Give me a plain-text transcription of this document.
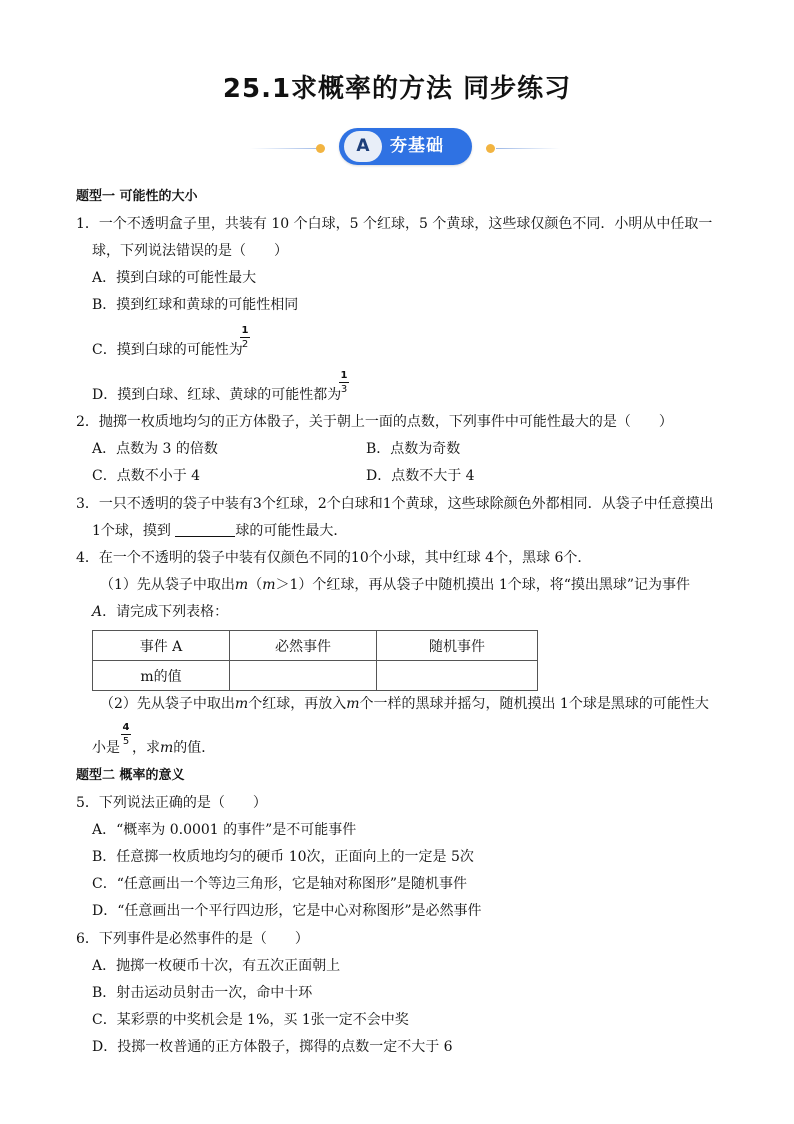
25.1求概率的方法 同步练习
A	夯基础
题型一 可能性的大小
1．一个不透明盒子里，共装有 10 个白球，5 个红球，5 个黄球，这些球仅颜色不同．小明从中任取一
球，下列说法错误的是（　　）
A．摸到白球的可能性最大
B．摸到红球和黄球的可能性相同
C．摸到白球的可能性为
1
2
D．摸到白球、红球、黄球的可能性都为
1
3
2．抛掷一枚质地均匀的正方体骰子，关于朝上一面的点数，下列事件中可能性最大的是（　　）
A．点数为 3 的倍数	B．点数为奇数
C．点数不小于 4	D．点数不大于 4
3．一只不透明的袋子中装有3个红球，2个白球和1个黄球，这些球除颜色外都相同．从袋子中任意摸出
1个球，摸到	球的可能性最大．
4．在一个不透明的袋子中装有仅颜色不同的10个小球，其中红球 4个，黑球 6个．
（1）先从袋子中取出m（m＞1）个红球，再从袋子中随机摸出 1个球，将“摸出黑球”记为事件
A．请完成下列表格：
事件 A	必然事件	随机事件
m的值		
（2）先从袋子中取出m个红球，再放入m个一样的黑球并摇匀，随机摸出 1个球是黑球的可能性大
小是 ，求m的值．
4
5
题型二 概率的意义
5．下列说法正确的是（　　）
A．“概率为 0.0001 的事件”是不可能事件
B．任意掷一枚质地均匀的硬币 10次，正面向上的一定是 5次
C．“任意画出一个等边三角形，它是轴对称图形”是随机事件
D．“任意画出一个平行四边形，它是中心对称图形”是必然事件
6．下列事件是必然事件的是（　　）
A．抛掷一枚硬币十次，有五次正面朝上
B．射击运动员射击一次，命中十环
C．某彩票的中奖机会是 1%，买 1张一定不会中奖
D．投掷一枚普通的正方体骰子，掷得的点数一定不大于 6
